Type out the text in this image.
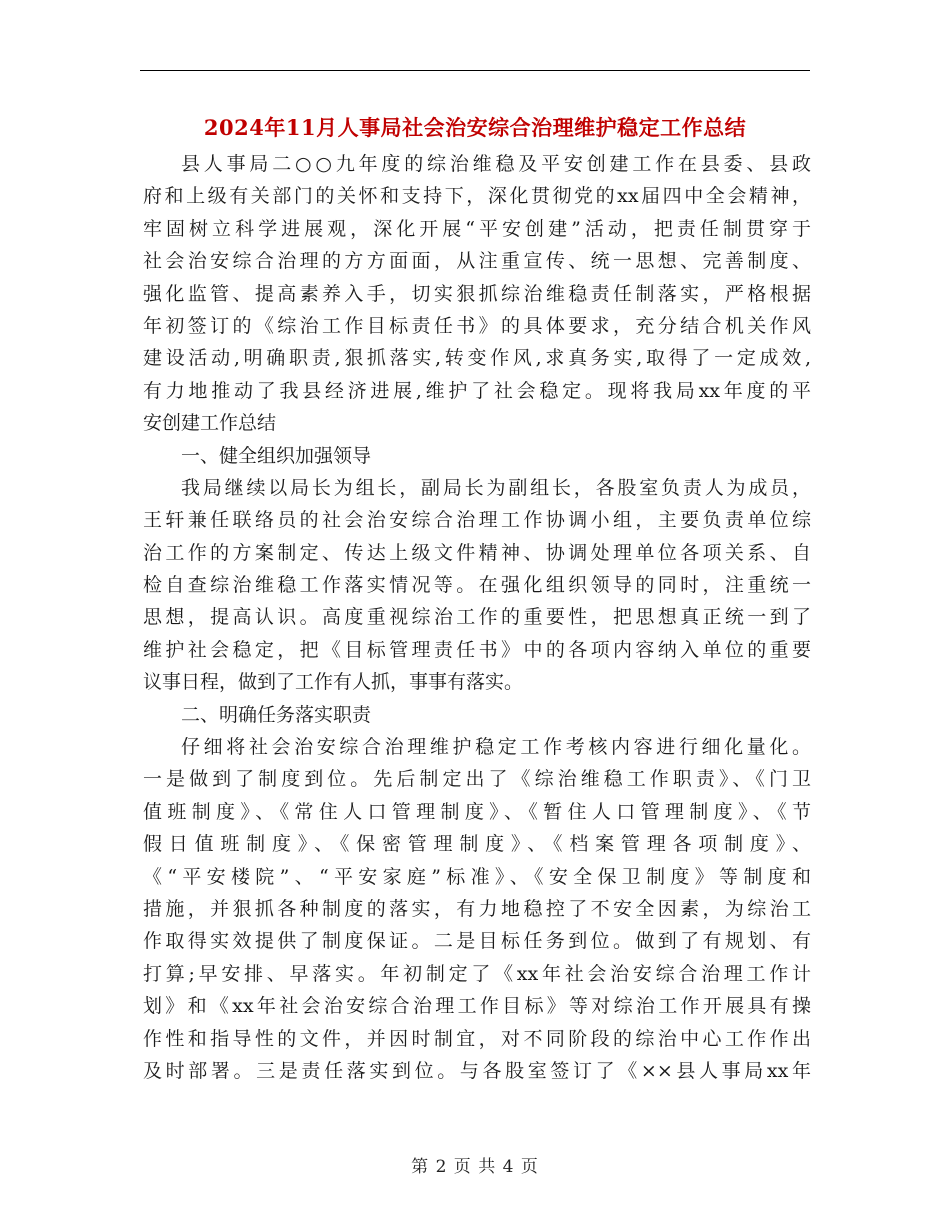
2024年11月人事局社会治安综合治理维护稳定工作总结
县人事局二○○九年度的综治维稳及平安创建工作在县委、县政
府和上级有关部门的关怀和支持下，深化贯彻党的xx届四中全会精神，
牢固树立科学进展观，深化开展“平安创建”活动，把责任制贯穿于
社会治安综合治理的方方面面，从注重宣传、统一思想、完善制度、
强化监管、提高素养入手，切实狠抓综治维稳责任制落实，严格根据
年初签订的《综治工作目标责任书》的具体要求，充分结合机关作风
建设活动,明确职责,狠抓落实,转变作风,求真务实,取得了一定成效,
有力地推动了我县经济进展,维护了社会稳定。现将我局xx年度的平
安创建工作总结
一、健全组织加强领导
我局继续以局长为组长，副局长为副组长，各股室负责人为成员，
王轩兼任联络员的社会治安综合治理工作协调小组，主要负责单位综
治工作的方案制定、传达上级文件精神、协调处理单位各项关系、自
检自查综治维稳工作落实情况等。在强化组织领导的同时，注重统一
思想，提高认识。高度重视综治工作的重要性，把思想真正统一到了
维护社会稳定，把《目标管理责任书》中的各项内容纳入单位的重要
议事日程，做到了工作有人抓，事事有落实。
二、明确任务落实职责
仔细将社会治安综合治理维护稳定工作考核内容进行细化量化。
一是做到了制度到位。先后制定出了《综治维稳工作职责》、《门卫
值班制度》、《常住人口管理制度》、《暂住人口管理制度》、《节
假日值班制度》、《保密管理制度》、《档案管理各项制度》、
《“平安楼院”、“平安家庭”标准》、《安全保卫制度》等制度和
措施，并狠抓各种制度的落实，有力地稳控了不安全因素，为综治工
作取得实效提供了制度保证。二是目标任务到位。做到了有规划、有
打算;早安排、早落实。年初制定了《xx年社会治安综合治理工作计
划》和《xx年社会治安综合治理工作目标》等对综治工作开展具有操
作性和指导性的文件，并因时制宜，对不同阶段的综治中心工作作出
及时部署。三是责任落实到位。与各股室签订了《××县人事局xx年
第 2 页 共 4 页
